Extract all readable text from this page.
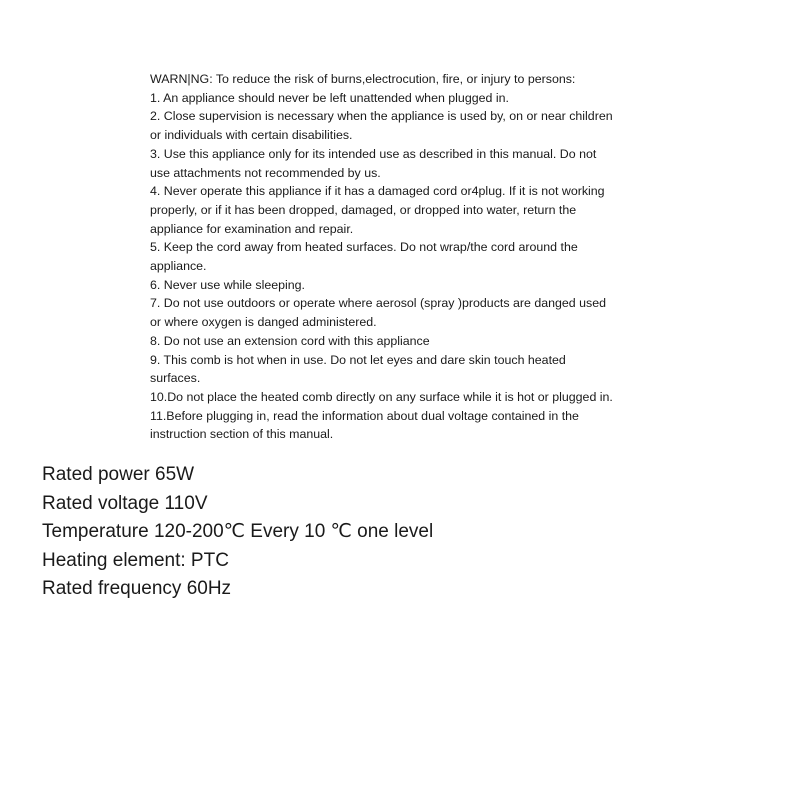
WARN|NG: To reduce the risk of burns,electrocution, fire, or injury to persons:
1. An appliance should never be left unattended when plugged in.
2. Close supervision is necessary when the appliance is used by, on or near children
or individuals with certain disabilities.
3. Use this appliance only for its intended use as described in this manual. Do not
use attachments not recommended by us.
4. Never operate this appliance if it has a damaged cord or4plug. If it is not working
properly, or if it has been dropped, damaged, or dropped into water, return the
appliance for examination and repair.
5. Keep the cord away from heated surfaces. Do not wrap/the cord around the
appliance.
6. Never use while sleeping.
7. Do not use outdoors or operate where aerosol (spray )products are danged used
or where oxygen is danged administered.
8. Do not use an extension cord with this appliance
9. This comb is hot when in use. Do not let eyes and dare skin touch heated
surfaces.
10.Do not place the heated comb directly on any surface while it is hot or plugged in.
11.Before plugging in, read the information about dual voltage contained in the
instruction section of this manual.
Rated power 65W
Rated voltage 110V
Temperature 120-200℃ Every 10 ℃ one level
Heating element: PTC
Rated frequency 60Hz
